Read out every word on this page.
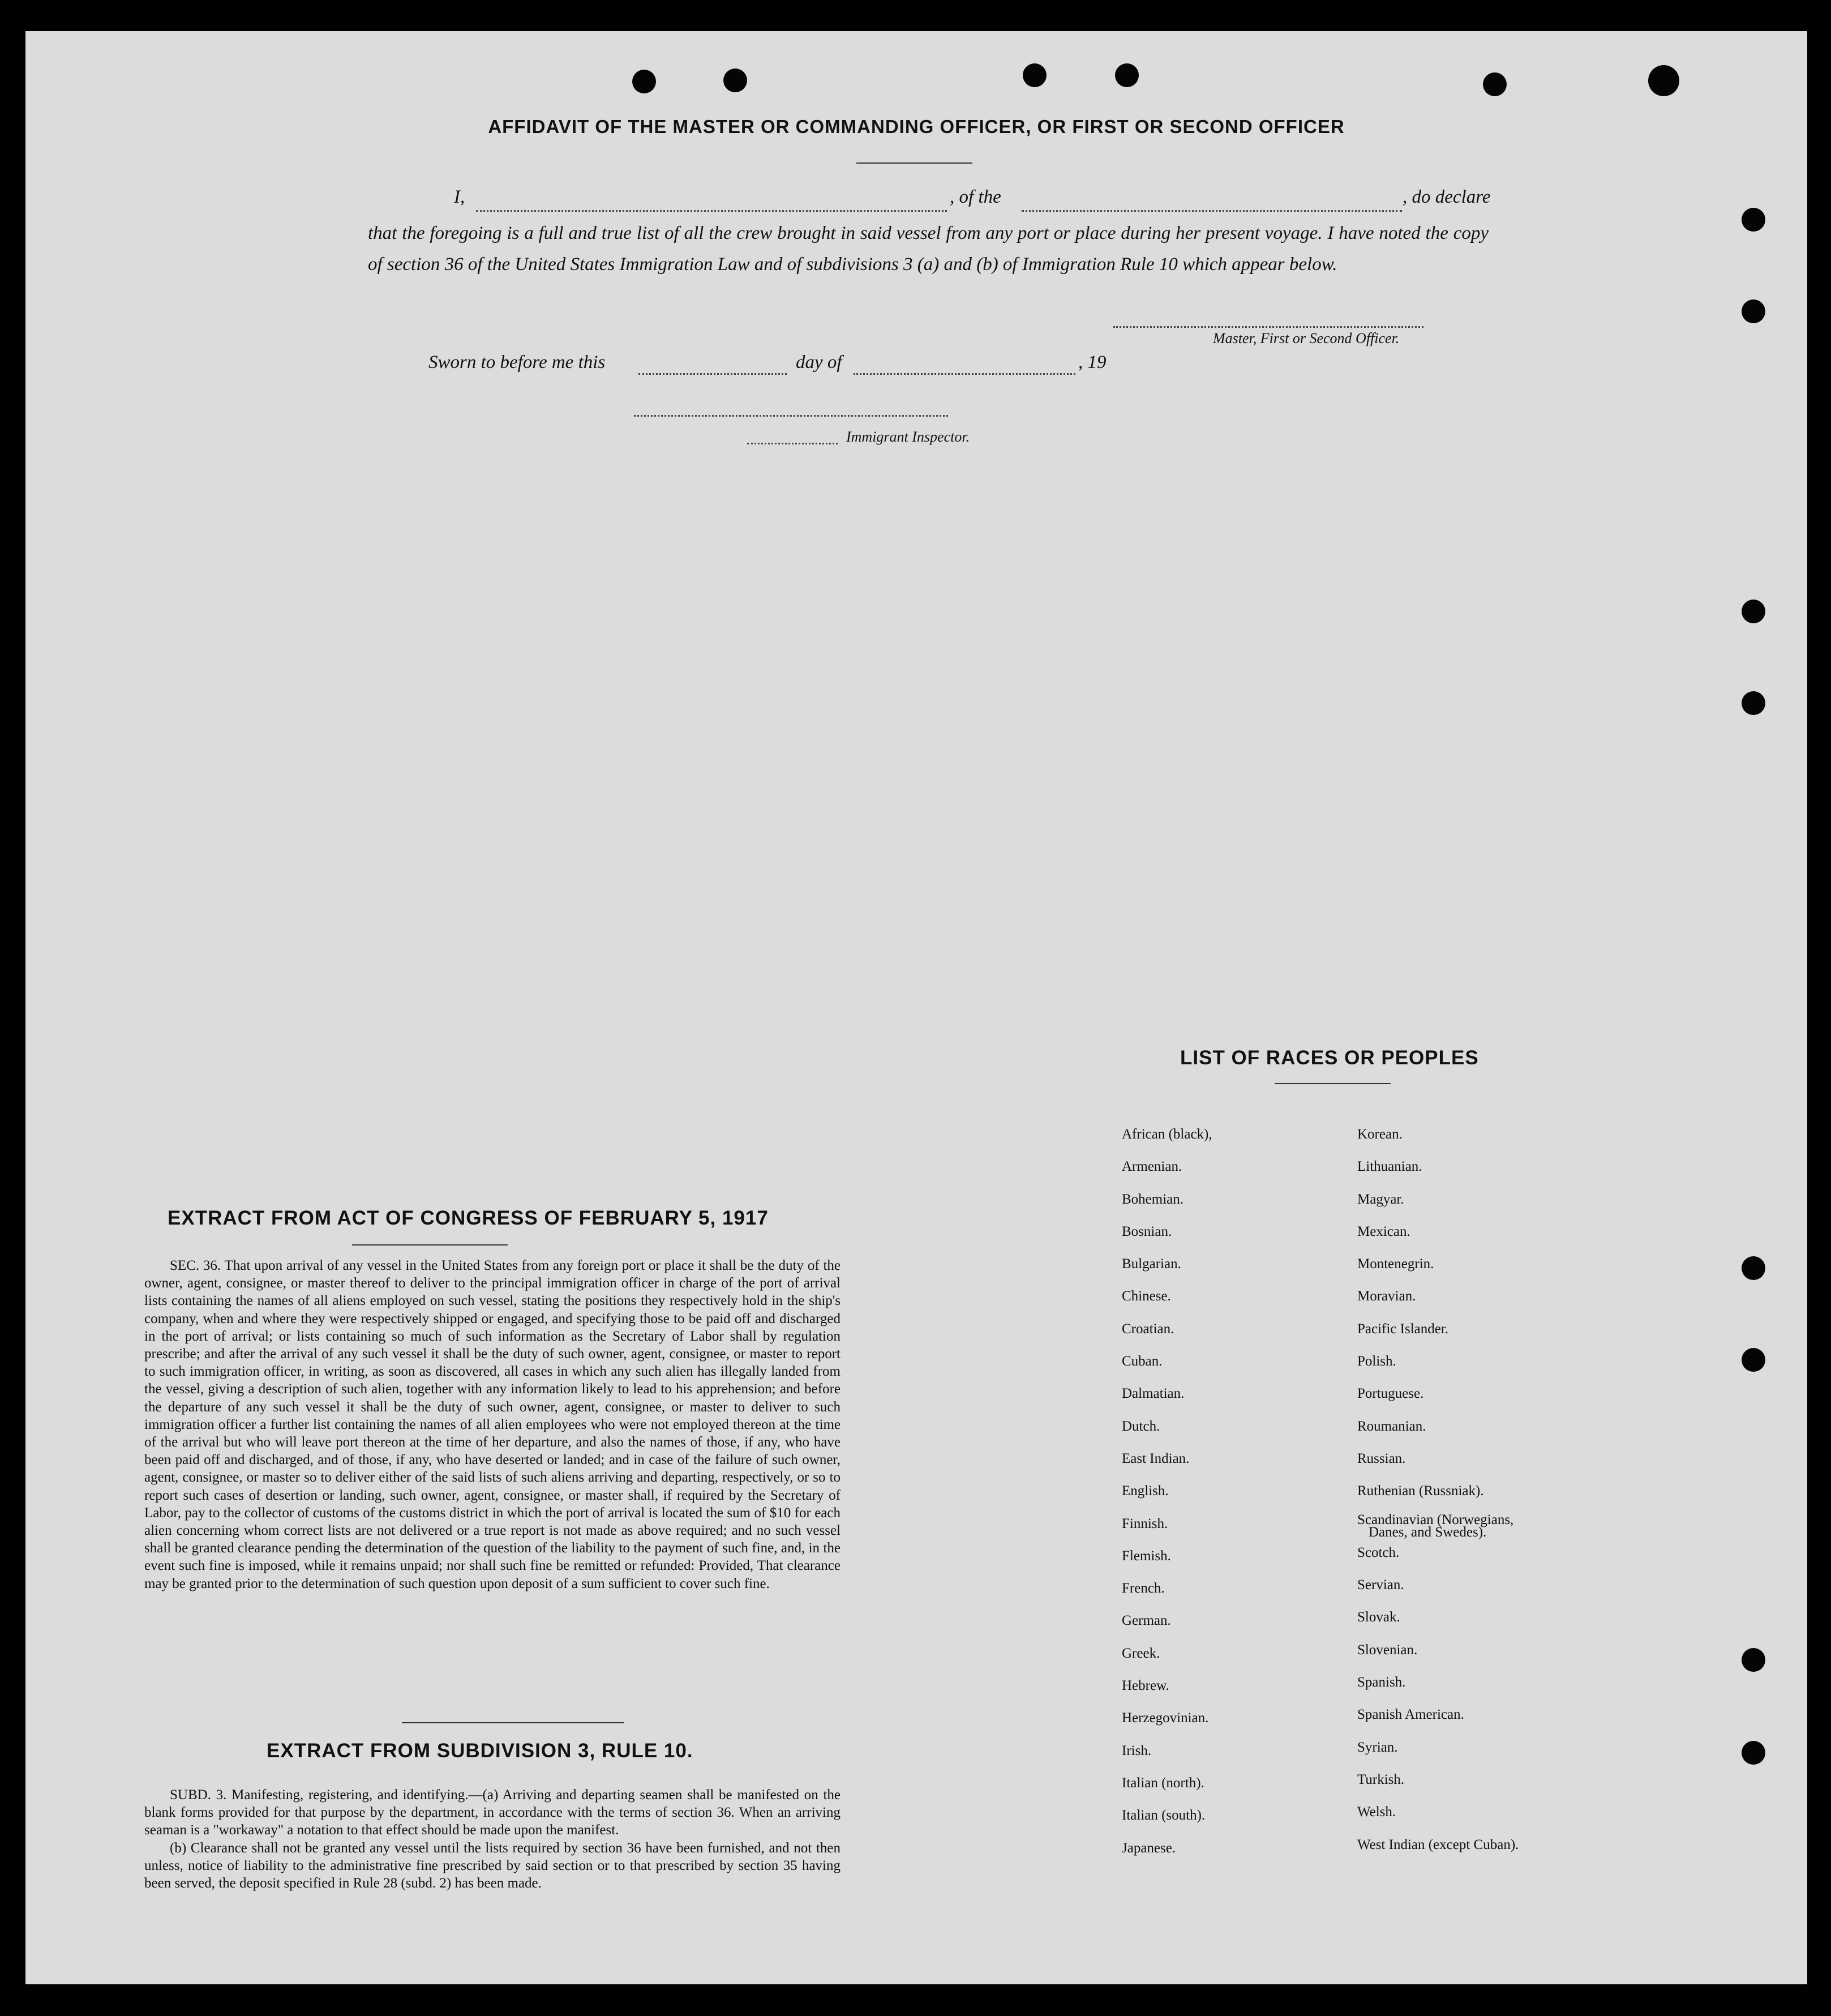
AFFIDAVIT OF THE MASTER OR COMMANDING OFFICER, OR FIRST OR SECOND OFFICER
I,	, of the	, do declare
that the foregoing is a full and true list of all the crew brought in said vessel from any port or place during her present voyage. I have noted the copy of section 36 of the United States Immigration Law and of subdivisions 3 (a) and (b) of Immigration Rule 10 which appear below.
Master, First or Second Officer.
Sworn to before me this	day of	, 19
Immigrant Inspector.
EXTRACT FROM ACT OF CONGRESS OF FEBRUARY 5, 1917

SEC. 36. That upon arrival of any vessel in the United States from any foreign port or place it shall be the duty of the owner, agent, consignee, or master thereof to deliver to the principal immigration officer in charge of the port of arrival lists containing the names of all aliens employed on such vessel, stating the positions they respectively hold in the ship's company, when and where they were respectively shipped or engaged, and specifying those to be paid off and discharged in the port of arrival; or lists containing so much of such information as the Secretary of Labor shall by regulation prescribe; and after the arrival of any such vessel it shall be the duty of such owner, agent, consignee, or master to report to such immigration officer, in writing, as soon as discovered, all cases in which any such alien has illegally landed from the vessel, giving a description of such alien, together with any information likely to lead to his apprehension; and before the departure of any such vessel it shall be the duty of such owner, agent, consignee, or master to deliver to such immigration officer a further list containing the names of all alien employees who were not employed thereon at the time of the arrival but who will leave port thereon at the time of her departure, and also the names of those, if any, who have been paid off and discharged, and of those, if any, who have deserted or landed; and in case of the failure of such owner, agent, consignee, or master so to deliver either of the said lists of such aliens arriving and departing, respectively, or so to report such cases of desertion or landing, such owner, agent, consignee, or master shall, if required by the Secretary of Labor, pay to the collector of customs of the customs district in which the port of arrival is located the sum of $10 for each alien concerning whom correct lists are not delivered or a true report is not made as above required; and no such vessel shall be granted clearance pending the determination of the question of the liability to the payment of such fine, and, in the event such fine is imposed, while it remains unpaid; nor shall such fine be remitted or refunded: Provided, That clearance may be granted prior to the determination of such question upon deposit of a sum sufficient to cover such fine.

EXTRACT FROM SUBDIVISION 3, RULE 10.

SUBD. 3. Manifesting, registering, and identifying.—(a) Arriving and departing seamen shall be manifested on the blank forms provided for that purpose by the department, in accordance with the terms of section 36. When an arriving seaman is a "workaway" a notation to that effect should be made upon the manifest.

(b) Clearance shall not be granted any vessel until the lists required by section 36 have been furnished, and not then unless, notice of liability to the administrative fine prescribed by said section or to that prescribed by section 35 having been served, the deposit specified in Rule 28 (subd. 2) has been made.

LIST OF RACES OR PEOPLES
African (black),
Armenian.
Bohemian.
Bosnian.
Bulgarian.
Chinese.
Croatian.
Cuban.
Dalmatian.
Dutch.
East Indian.
English.
Finnish.
Flemish.
French.
German.
Greek.
Hebrew.
Herzegovinian.
Irish.
Italian (north).
Italian (south).
Japanese.
Korean.
Lithuanian.
Magyar.
Mexican.
Montenegrin.
Moravian.
Pacific Islander.
Polish.
Portuguese.
Roumanian.
Russian.
Ruthenian (Russniak).
Scandinavian (Norwegians,
Danes, and Swedes).
Scotch.
Servian.
Slovak.
Slovenian.
Spanish.
Spanish American.
Syrian.
Turkish.
Welsh.
West Indian (except Cuban).
